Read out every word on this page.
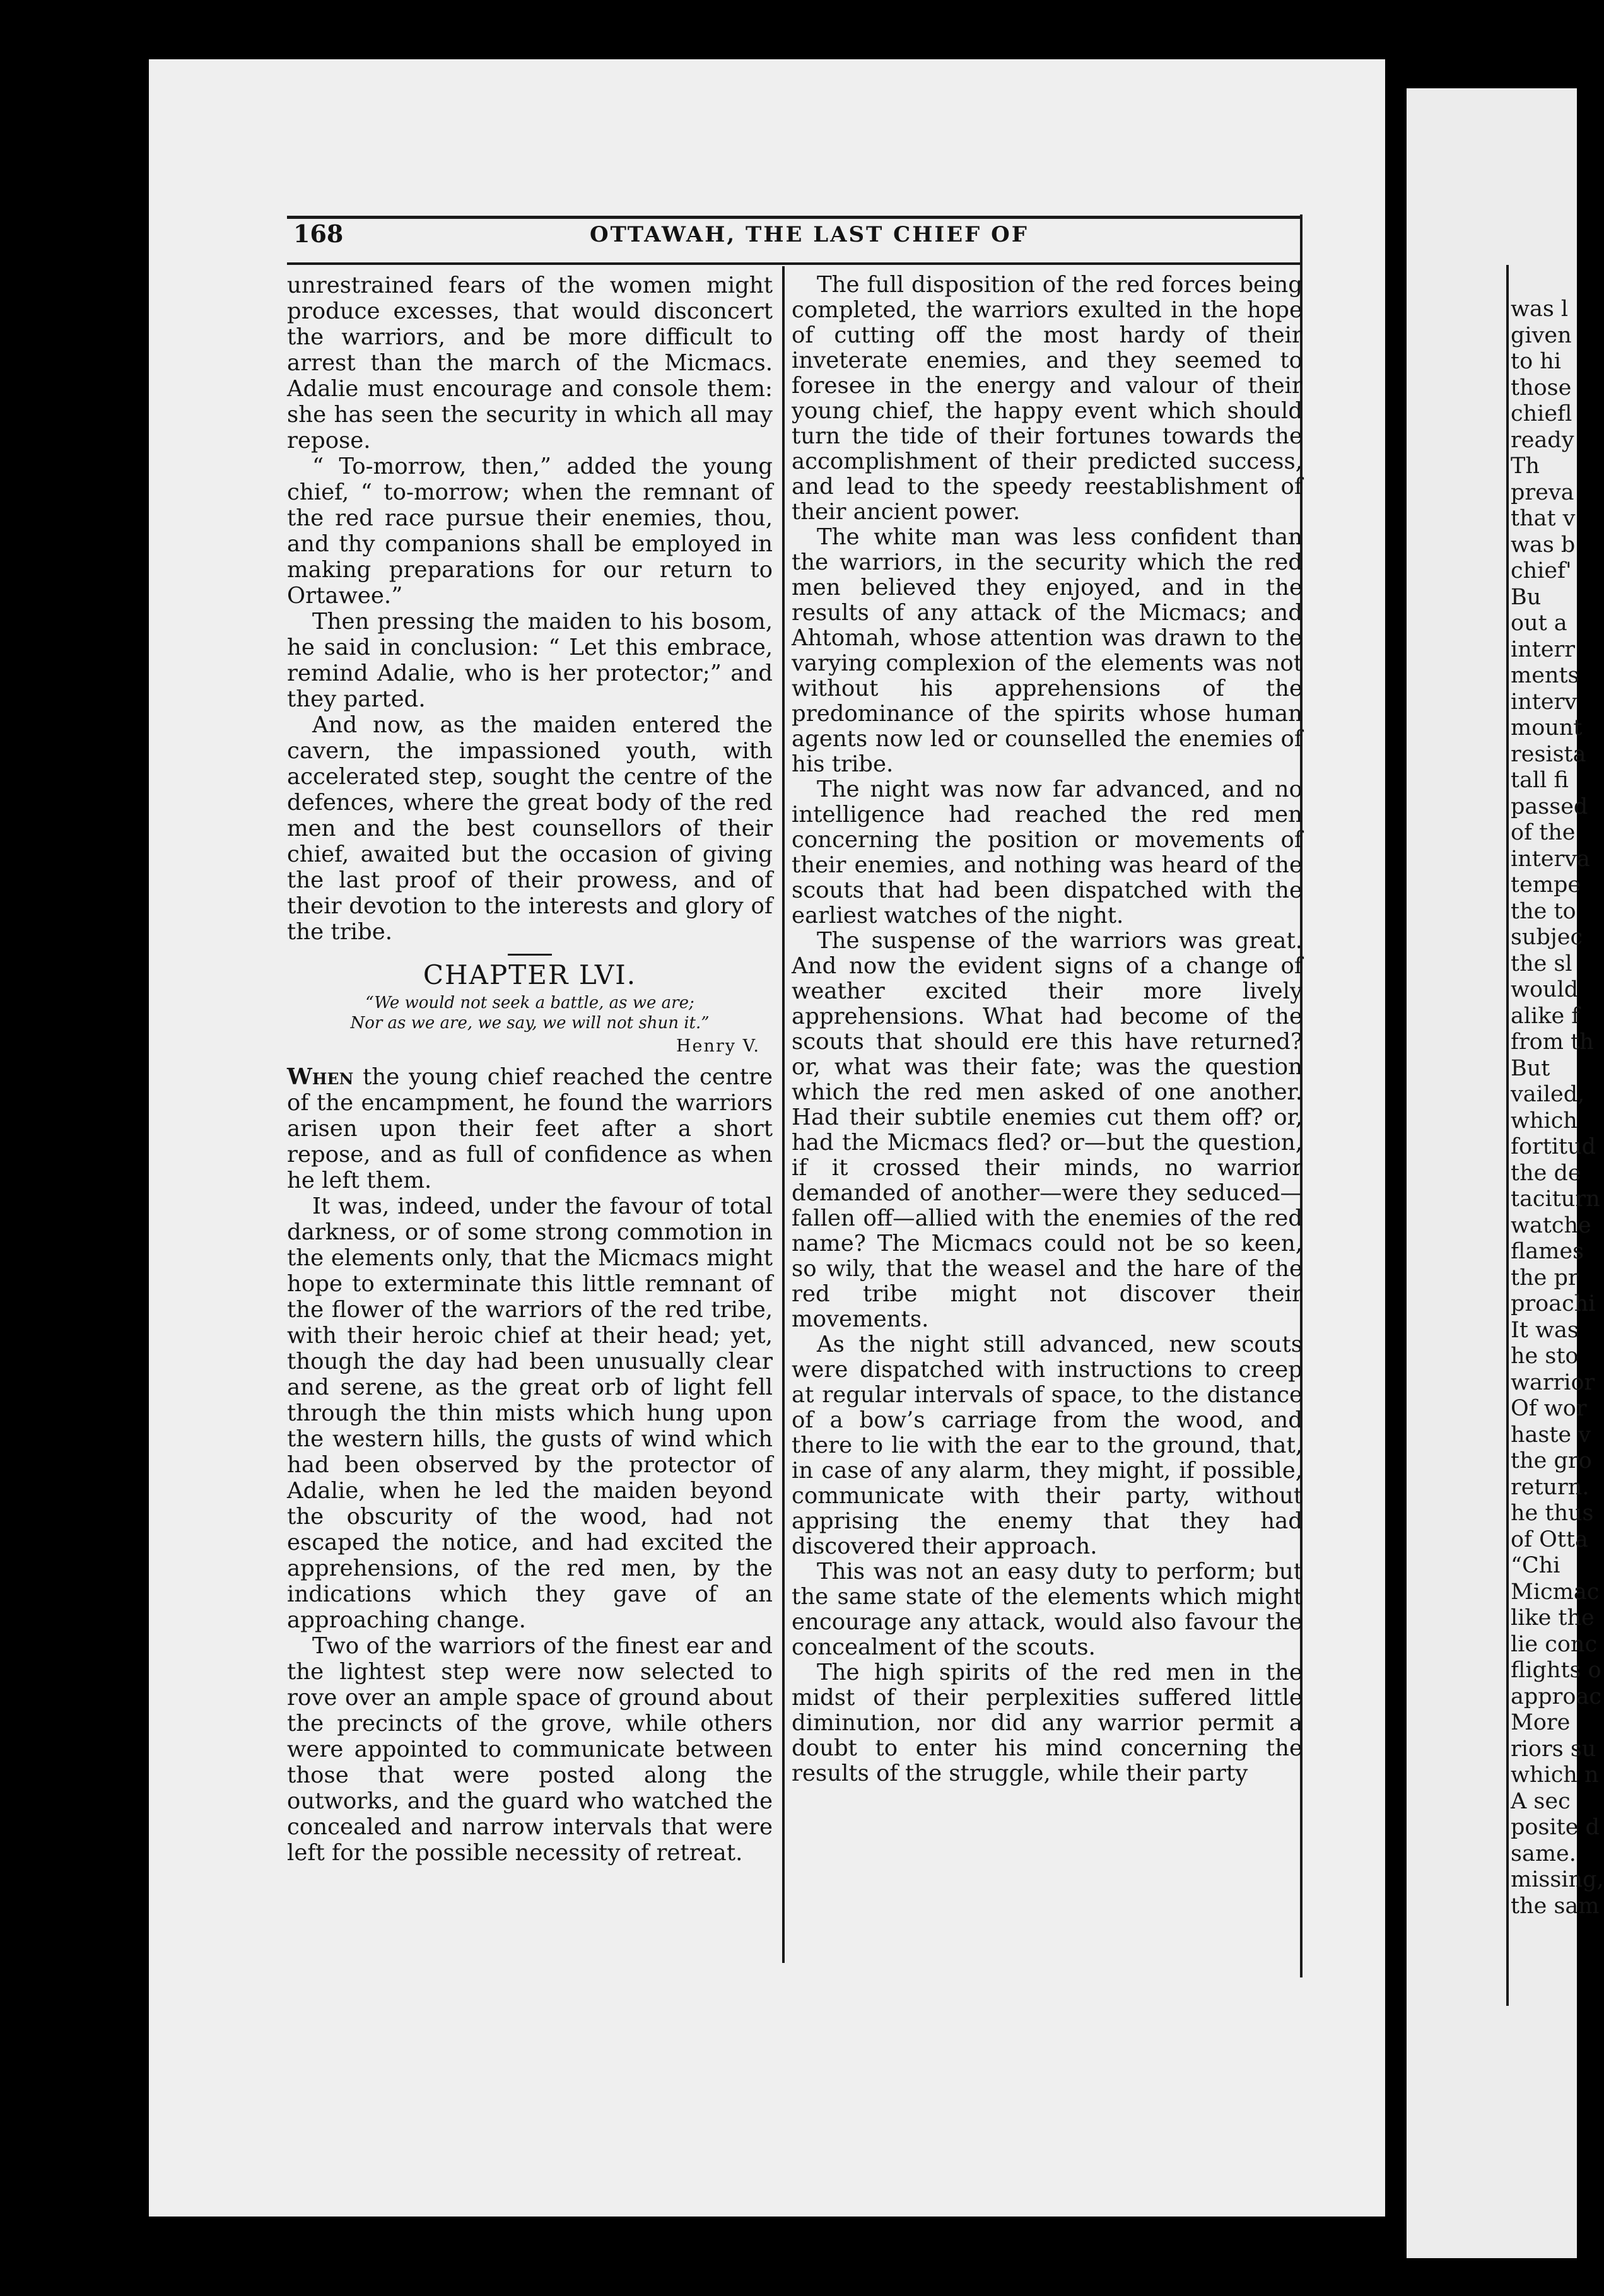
168	OTTAWAH, THE LAST CHIEF OF

unrestrained fears of the women might produce excesses, that would disconcert the warriors, and be more difficult to arrest than the march of the Micmacs. Adalie must encourage and console them: she has seen the security in which all may repose.

“ To-morrow, then,” added the young chief, “ to-morrow; when the remnant of the red race pursue their enemies, thou, and thy companions shall be employed in making preparations for our return to Ortawee.”

Then pressing the maiden to his bosom, he said in conclusion: “ Let this embrace, remind Adalie, who is her protector;” and they parted.

And now, as the maiden entered the cavern, the impassioned youth, with accelerated step, sought the centre of the defences, where the great body of the red men and the best counsellors of their chief, awaited but the occasion of giving the last proof of their prowess, and of their devotion to the interests and glory of the tribe.

CHAPTER LVI.
“We would not seek a battle, as we are;
Nor as we are, we say, we will not shun it.”
Henry V.

When the young chief reached the centre of the encampment, he found the warriors arisen upon their feet after a short repose, and as full of confidence as when he left them.

It was, indeed, under the favour of total darkness, or of some strong commotion in the elements only, that the Micmacs might hope to exterminate this little remnant of the flower of the warriors of the red tribe, with their heroic chief at their head; yet, though the day had been unusually clear and serene, as the great orb of light fell through the thin mists which hung upon the western hills, the gusts of wind which had been observed by the protector of Adalie, when he led the maiden beyond the obscurity of the wood, had not escaped the notice, and had excited the apprehensions, of the red men, by the indications which they gave of an approaching change.

Two of the warriors of the finest ear and the lightest step were now selected to rove over an ample space of ground about the precincts of the grove, while others were appointed to communicate between those that were posted along the outworks, and the guard who watched the concealed and narrow intervals that were left for the possible necessity of retreat.

The full disposition of the red forces being completed, the warriors exulted in the hope of cutting off the most hardy of their inveterate enemies, and they seemed to foresee in the energy and valour of their young chief, the happy event which should turn the tide of their fortunes towards the accomplishment of their predicted success, and lead to the speedy reestablishment of their ancient power.

The white man was less confident than the warriors, in the security which the red men believed they enjoyed, and in the results of any attack of the Micmacs; and Ahtomah, whose attention was drawn to the varying complexion of the elements was not without his apprehensions of the predominance of the spirits whose human agents now led or counselled the enemies of his tribe.

The night was now far advanced, and no intelligence had reached the red men concerning the position or movements of their enemies, and nothing was heard of the scouts that had been dispatched with the earliest watches of the night.

The suspense of the warriors was great. And now the evident signs of a change of weather excited their more lively apprehensions. What had become of the scouts that should ere this have returned? or, what was their fate; was the question which the red men asked of one another. Had their subtile enemies cut them off? or, had the Micmacs fled? or—but the question, if it crossed their minds, no warrior demanded of another—were they seduced—fallen off—allied with the enemies of the red name? The Micmacs could not be so keen, so wily, that the weasel and the hare of the red tribe might not discover their movements.

As the night still advanced, new scouts were dispatched with instructions to creep at regular intervals of space, to the distance of a bow’s carriage from the wood, and there to lie with the ear to the ground, that, in case of any alarm, they might, if possible, communicate with their party, without apprising the enemy that they had discovered their approach.

This was not an easy duty to perform; but the same state of the elements which might encourage any attack, would also favour the concealment of the scouts.

The high spirits of the red men in the midst of their perplexities suffered little diminution, nor did any warrior permit a doubt to enter his mind concerning the results of the struggle, while their party

was l
given
to hi
those
chiefl
ready
Th
preva
that v
was b
chief'
Bu
out a
interr
ments
interv
mount
resista
tall fi
passed
of the
interva
tempe
the to
subjec
the sl
would
alike f
from th
But
vailed,
which
fortitud
the de
taciturn
watche
flames
the pr
proachi
It was
he sto
warrior
Of wor
haste v
the gro
return.
he thus
of Otta
“Chi
Micmac
like the
lie conc
flights o
approac
More
riors su
which n
A sec
posite d
same.
missing,
the sam
